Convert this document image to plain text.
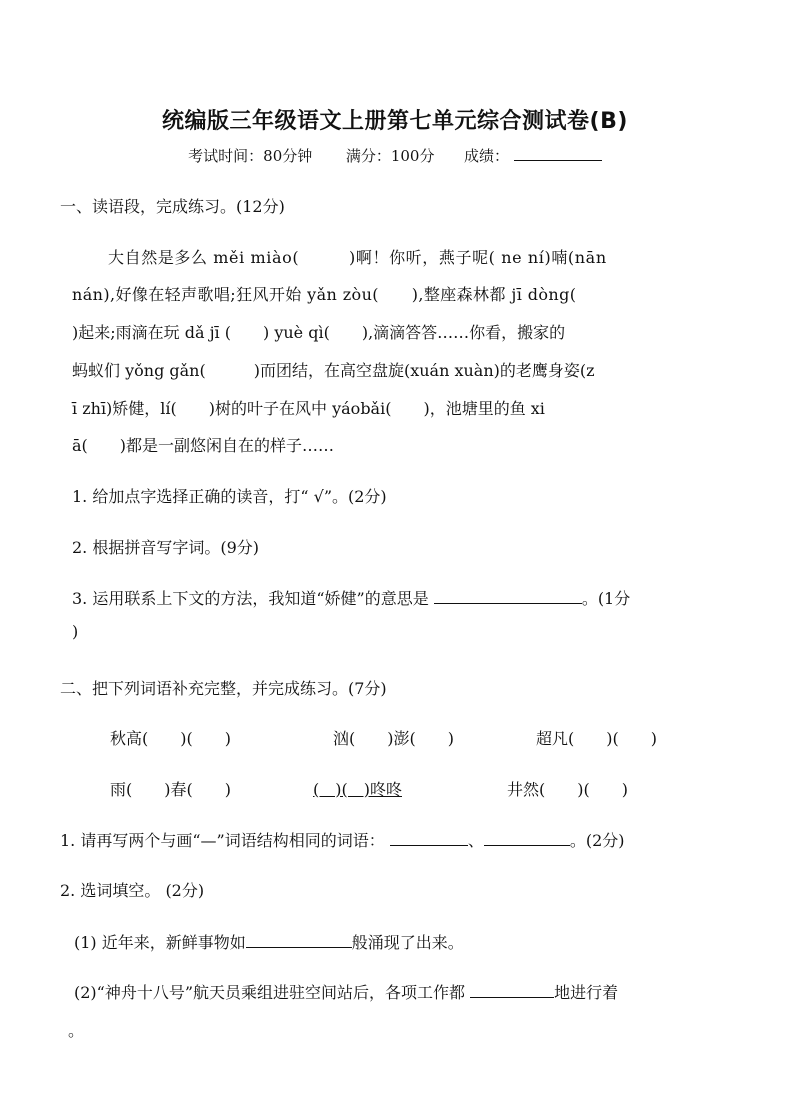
统编版三年级语文上册第七单元综合测试卷(B)
考试时间：80分钟 满分：100分 成绩：
一、读语段，完成练习。(12分)
大自然是多么 měi miào(　　　)啊！你听，燕子呢( ne ní)喃(nān
nán),好像在轻声歌唱;狂风开始 yǎn zòu(　　),整座森林都 jī dòng(
)起来;雨滴在玩 dǎ jī (　　) yuè qì(　　),滴滴答答……你看，搬家的
蚂蚁们 yǒng gǎn(　　　)而团结，在高空盘旋(xuán xuàn)的老鹰身姿(z
ī zhī)矫健，lí(　　)树的叶子在风中 yáobǎi(　　)，池塘里的鱼 xi
ā(　　)都是一副悠闲自在的样子……
1. 给加点字选择正确的读音，打“ √”。(2分)
2. 根据拼音写字词。(9分)
3. 运用联系上下文的方法，我知道“娇健”的意思是	。(1分
)
二、把下列词语补充完整，并完成练习。(7分)
秋高(　　)(　　)	汹(　　)澎(　　)	超凡(　　)(　　)
雨(　　)春(　　)	(　)(　)咚咚	井然(　　)(　　)
1. 请再写两个与画“—”词语结构相同的词语：	、	。(2分)
2. 选词填空。 (2分)
(1) 近年来，新鲜事物如	般涌现了出来。
(2)“神舟十八号”航天员乘组进驻空间站后，各项工作都	地进行着
。
